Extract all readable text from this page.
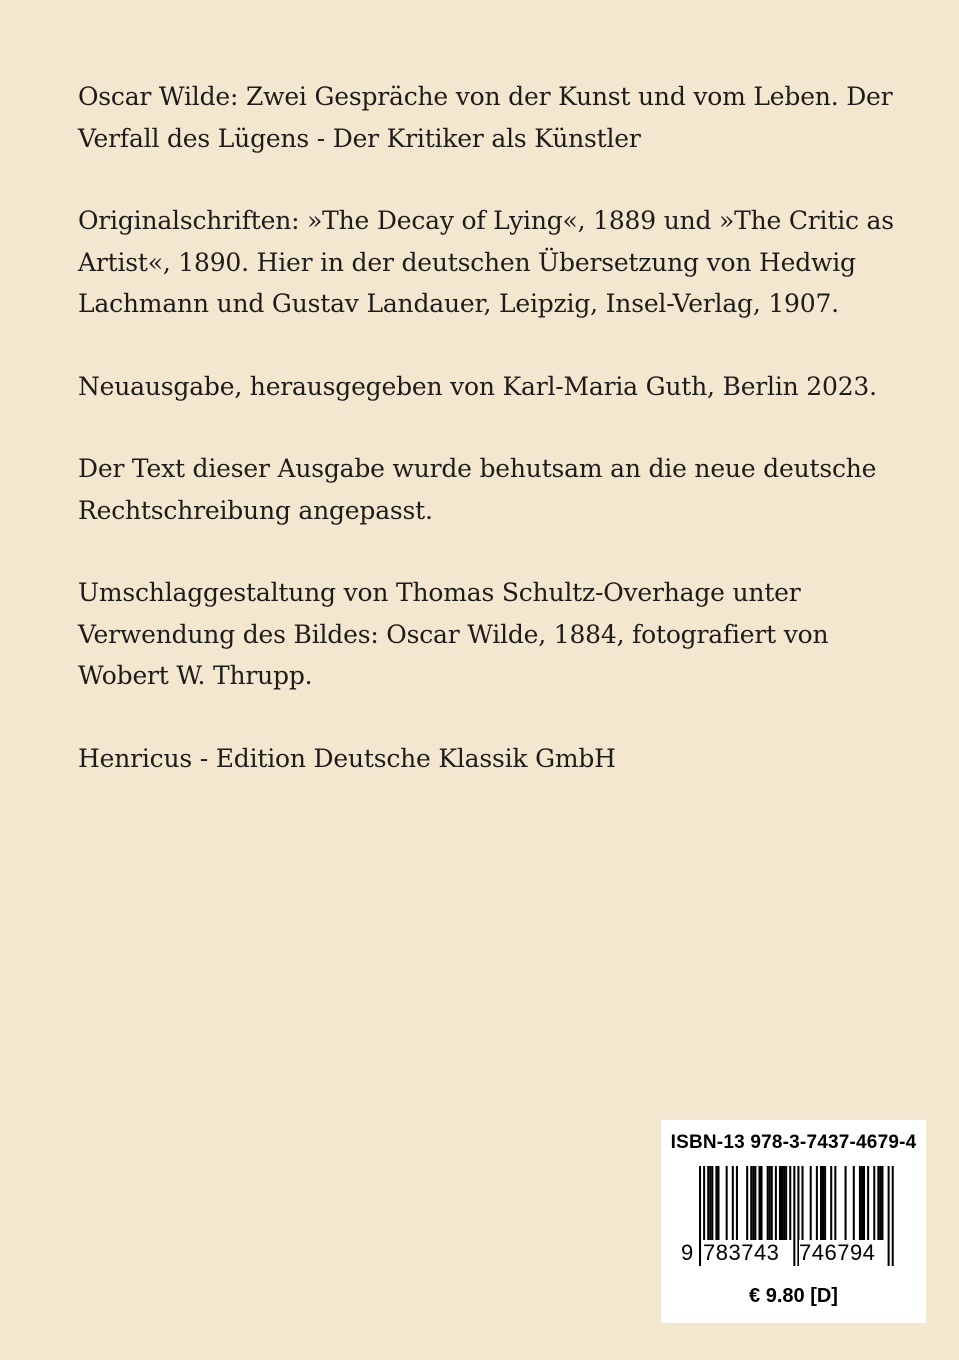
Oscar Wilde: Zwei Gespräche von der Kunst und vom Leben. Der
Verfall des Lügens - Der Kritiker als Künstler

Originalschriften: »The Decay of Lying«, 1889 und »The Critic as
Artist«, 1890. Hier in der deutschen Übersetzung von Hedwig
Lachmann und Gustav Landauer, Leipzig, Insel-Verlag, 1907.

Neuausgabe, herausgegeben von Karl-Maria Guth, Berlin 2023.

Der Text dieser Ausgabe wurde behutsam an die neue deutsche
Rechtschreibung angepasst.

Umschlaggestaltung von Thomas Schultz-Overhage unter
Verwendung des Bildes: Oscar Wilde, 1884, fotografiert von
Wobert W. Thrupp.

Henricus - Edition Deutsche Klassik GmbH

ISBN-13 978-3-7437-4679-4
9 783743 746794
€ 9.80 [D]
